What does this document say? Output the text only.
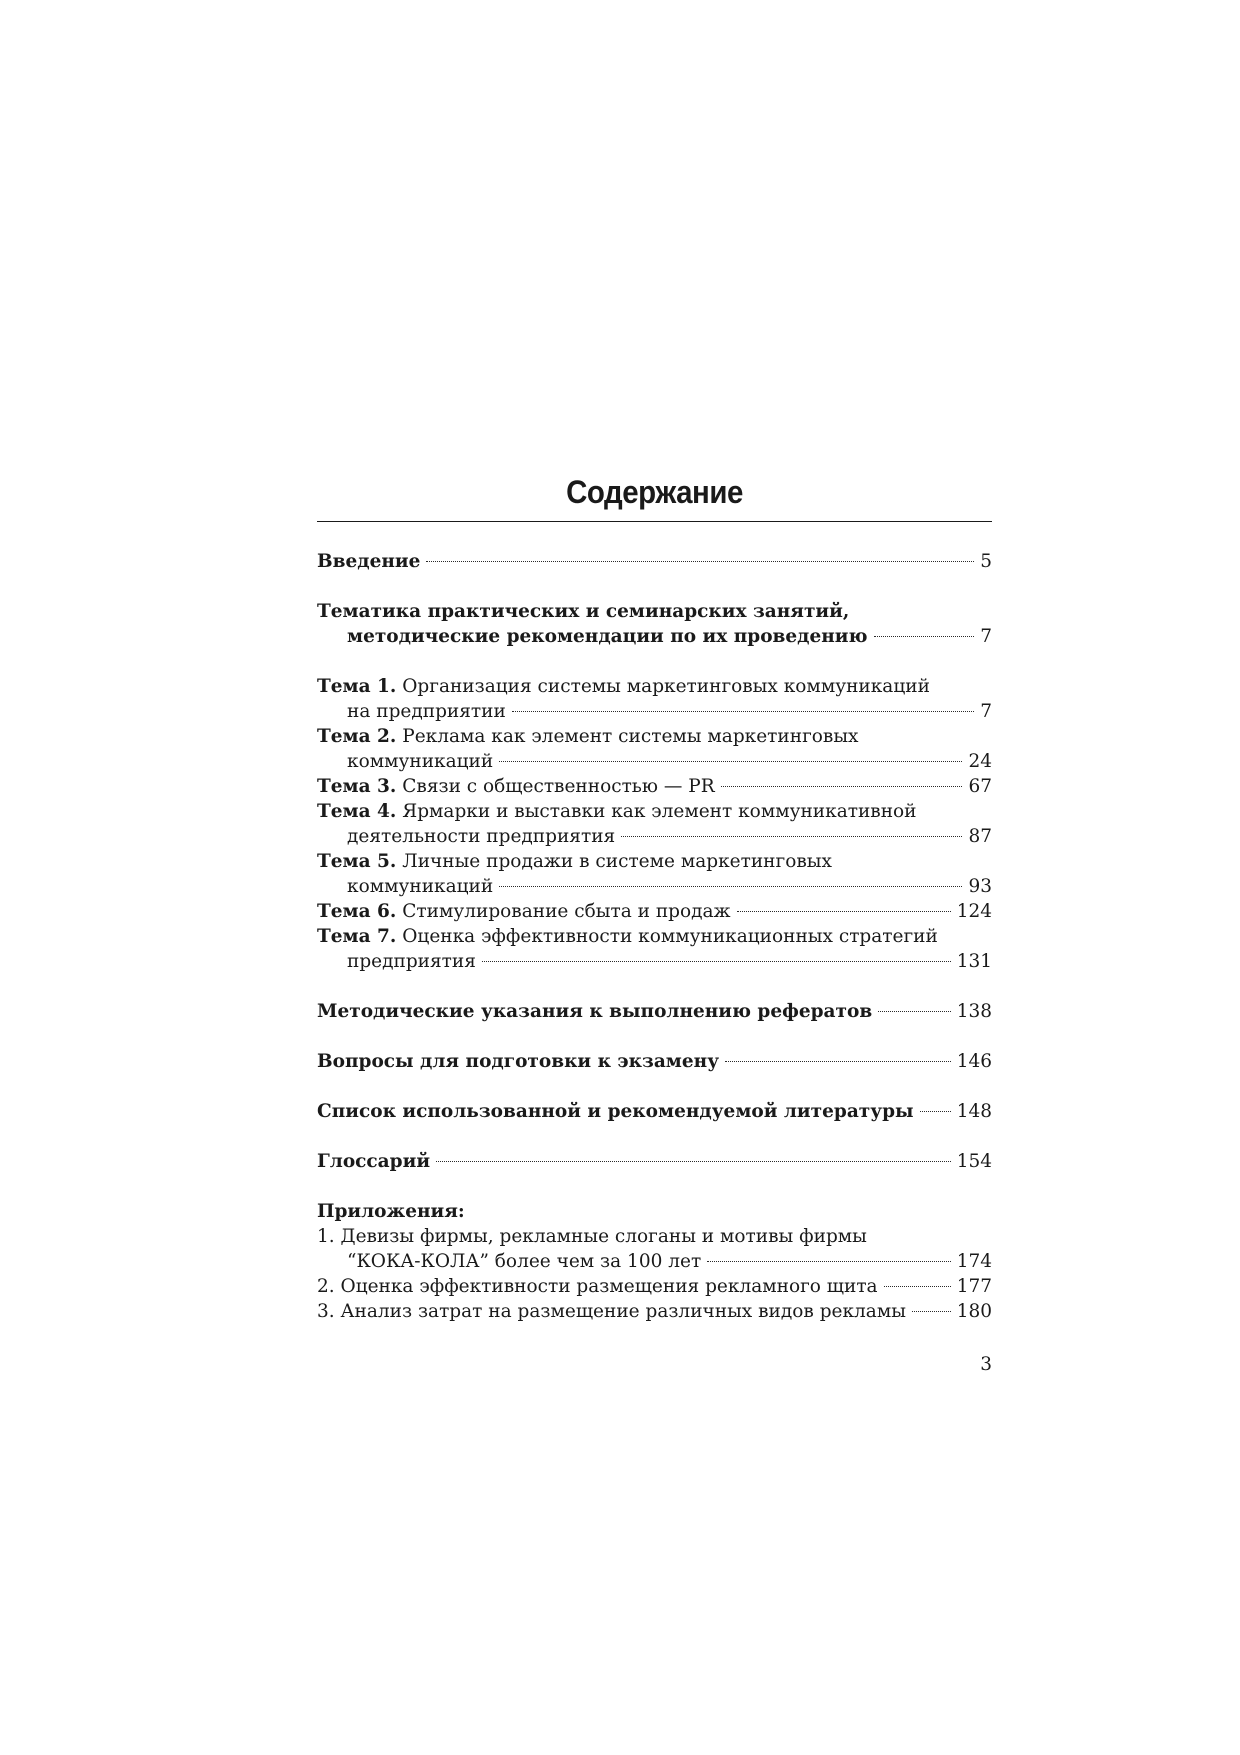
Содержание
Введение	5
Тематика практических и семинарских занятий,
методические рекомендации по их проведению	7
Тема 1. Организация системы маркетинговых коммуникаций
на предприятии	7
Тема 2. Реклама как элемент системы маркетинговых
коммуникаций	24
Тема 3. Связи с общественностью — PR	67
Тема 4. Ярмарки и выставки как элемент коммуникативной
деятельности предприятия	87
Тема 5. Личные продажи в системе маркетинговых
коммуникаций	93
Тема 6. Стимулирование сбыта и продаж	124
Тема 7. Оценка эффективности коммуникационных стратегий
предприятия	131
Методические указания к выполнению рефератов	138
Вопросы для подготовки к экзамену	146
Список использованной и рекомендуемой литературы 148
Глоссарий	154
Приложения:
1. Девизы фирмы, рекламные слоганы и мотивы фирмы
“КОКА-КОЛА” более чем за 100 лет	174
2. Оценка эффективности размещения рекламного щита	177
3. Анализ затрат на размещение различных видов рекламы	180
3
